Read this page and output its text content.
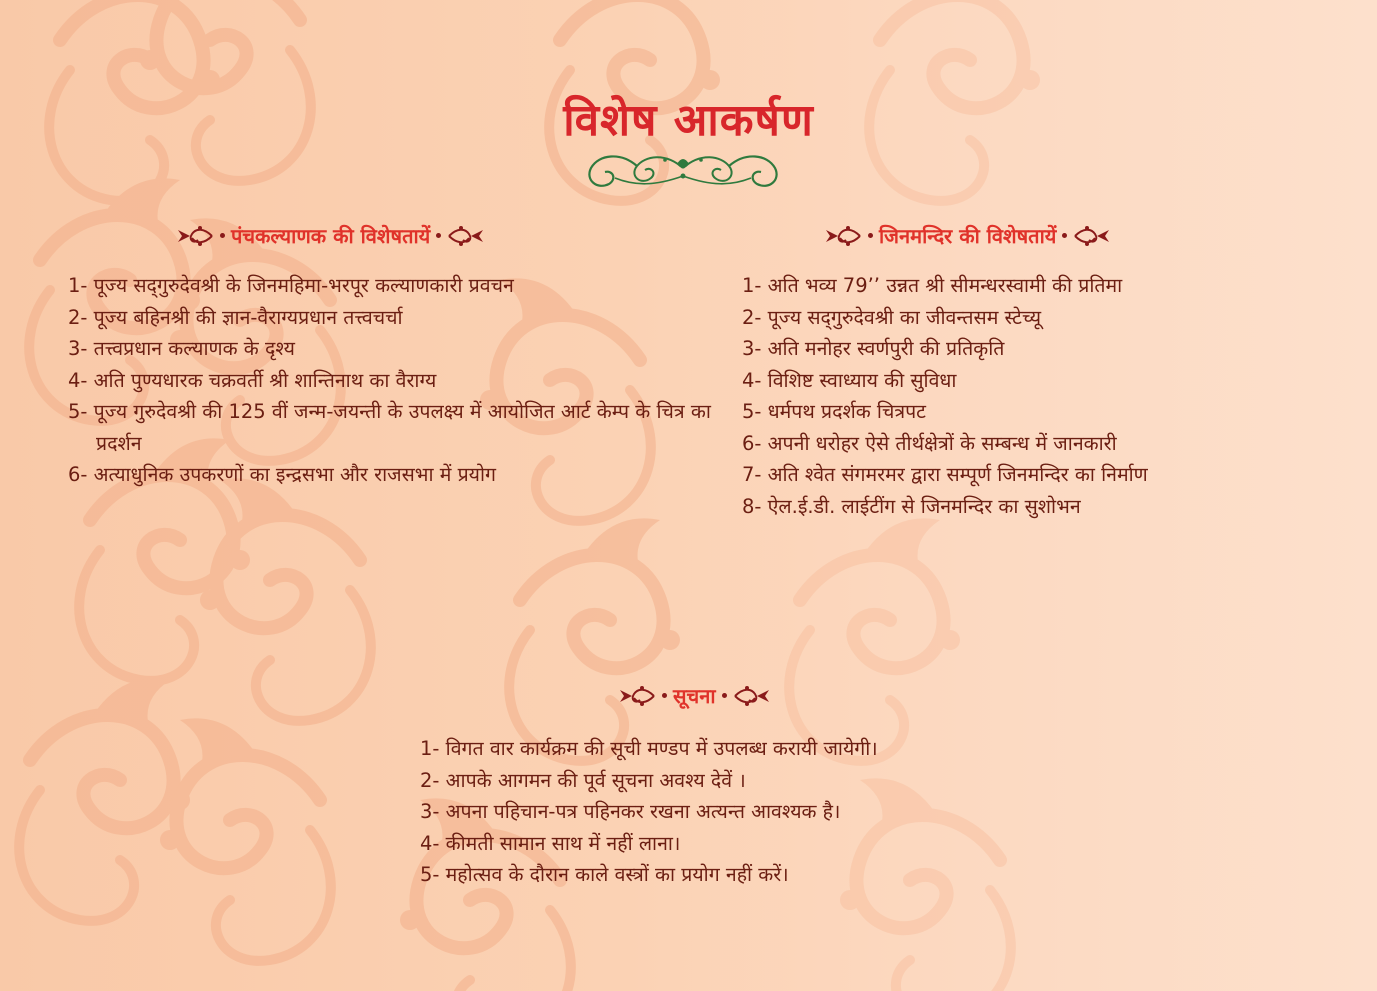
विशेष आकर्षण
पंचकल्याणक की विशेषतायें
1- पूज्य सद्‌गुरुदेवश्री के जिनमहिमा-भरपूर कल्याणकारी प्रवचन
2- पूज्य बहिनश्री की ज्ञान-वैराग्यप्रधान तत्त्वचर्चा
3- तत्त्वप्रधान कल्याणक के दृश्य
4- अति पुण्यधारक चक्रवर्ती श्री शान्तिनाथ का वैराग्य
5- पूज्य गुरुदेवश्री की 125 वीं जन्म-जयन्ती के उपलक्ष्य में आयोजित आर्ट केम्प के चित्र का प्रदर्शन
6- अत्याधुनिक उपकरणों का इन्द्रसभा और राजसभा में प्रयोग
जिनमन्दिर की विशेषतायें
1- अति भव्य 79’’ उन्नत श्री सीमन्धरस्वामी की प्रतिमा
2- पूज्य सद्‌गुरुदेवश्री का जीवन्तसम स्टेच्यू
3- अति मनोहर स्वर्णपुरी की प्रतिकृति
4- विशिष्ट स्वाध्याय की सुविधा
5- धर्मपथ प्रदर्शक चित्रपट
6- अपनी धरोहर ऐसे तीर्थक्षेत्रों के सम्बन्ध में जानकारी
7- अति श्वेत संगमरमर द्वारा सम्पूर्ण जिनमन्दिर का निर्माण
8- ऐल.ई.डी. लाईटींग से जिनमन्दिर का सुशोभन
सूचना
1- विगत वार कार्यक्रम की सूची मण्डप में उपलब्ध करायी जायेगी।
2- आपके आगमन की पूर्व सूचना अवश्य देवें ।
3- अपना पहिचान-पत्र पहिनकर रखना अत्यन्त आवश्यक है।
4- कीमती सामान साथ में नहीं लाना।
5- महोत्सव के दौरान काले वस्त्रों का प्रयोग नहीं करें।
